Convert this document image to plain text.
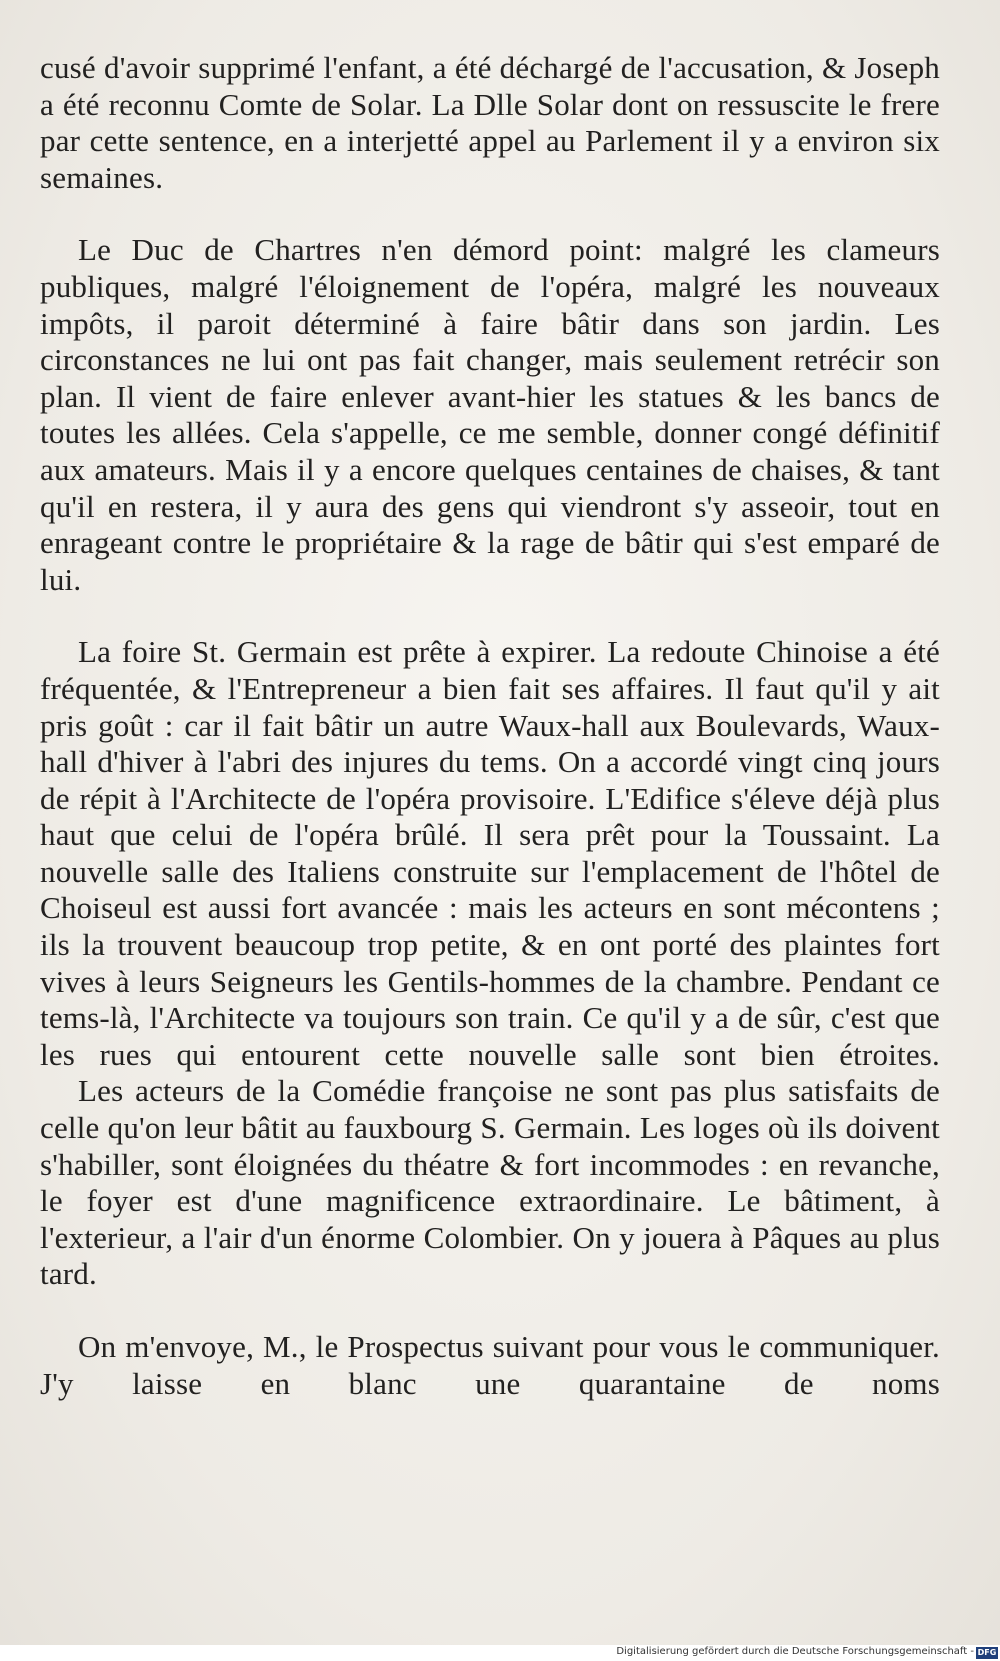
cusé d'avoir supprimé l'enfant, a été déchargé de l'accusation, & Joseph a été reconnu Comte de Solar. La Dlle Solar dont on ressuscite le frere par cette sentence, en a interjetté appel au Parlement il y a environ six semaines.

Le Duc de Chartres n'en démord point: malgré les clameurs publiques, malgré l'éloignement de l'opéra, malgré les nouveaux impôts, il paroit déterminé à faire bâtir dans son jardin. Les circonstances ne lui ont pas fait changer, mais seulement retrécir son plan. Il vient de faire enlever avant-hier les statues & les bancs de toutes les allées. Cela s'appelle, ce me semble, donner congé définitif aux amateurs. Mais il y a encore quelques centaines de chaises, & tant qu'il en restera, il y aura des gens qui viendront s'y asseoir, tout en enrageant contre le propriétaire & la rage de bâtir qui s'est emparé de lui.

La foire St. Germain est prête à expirer. La redoute Chinoise a été fréquentée, & l'Entrepreneur a bien fait ses affaires. Il faut qu'il y ait pris goût : car il fait bâtir un autre Waux-hall aux Boulevards, Waux-hall d'hiver à l'abri des injures du tems. On a accordé vingt cinq jours de répit à l'Architecte de l'opéra provisoire. L'Edifice s'éleve déjà plus haut que celui de l'opéra brûlé. Il sera prêt pour la Toussaint. La nouvelle salle des Italiens construite sur l'emplacement de l'hôtel de Choiseul est aussi fort avancée : mais les acteurs en sont mécontens ; ils la trouvent beaucoup trop petite, & en ont porté des plaintes fort vives à leurs Seigneurs les Gentils-hommes de la chambre. Pendant ce tems-là, l'Architecte va toujours son train. Ce qu'il y a de sûr, c'est que les rues qui entourent cette nouvelle salle sont bien étroites.

Les acteurs de la Comédie françoise ne sont pas plus satisfaits de celle qu'on leur bâtit au fauxbourg S. Germain. Les loges où ils doivent s'habiller, sont éloignées du théatre & fort incommodes : en revanche, le foyer est d'une magnificence extraordinaire. Le bâtiment, à l'exterieur, a l'air d'un énorme Colombier. On y jouera à Pâques au plus tard.

On m'envoye, M., le Prospectus suivant pour vous le communiquer. J'y laisse en blanc une quarantaine de noms

Digitalisierung gefördert durch die Deutsche Forschungsgemeinschaft - DFG
